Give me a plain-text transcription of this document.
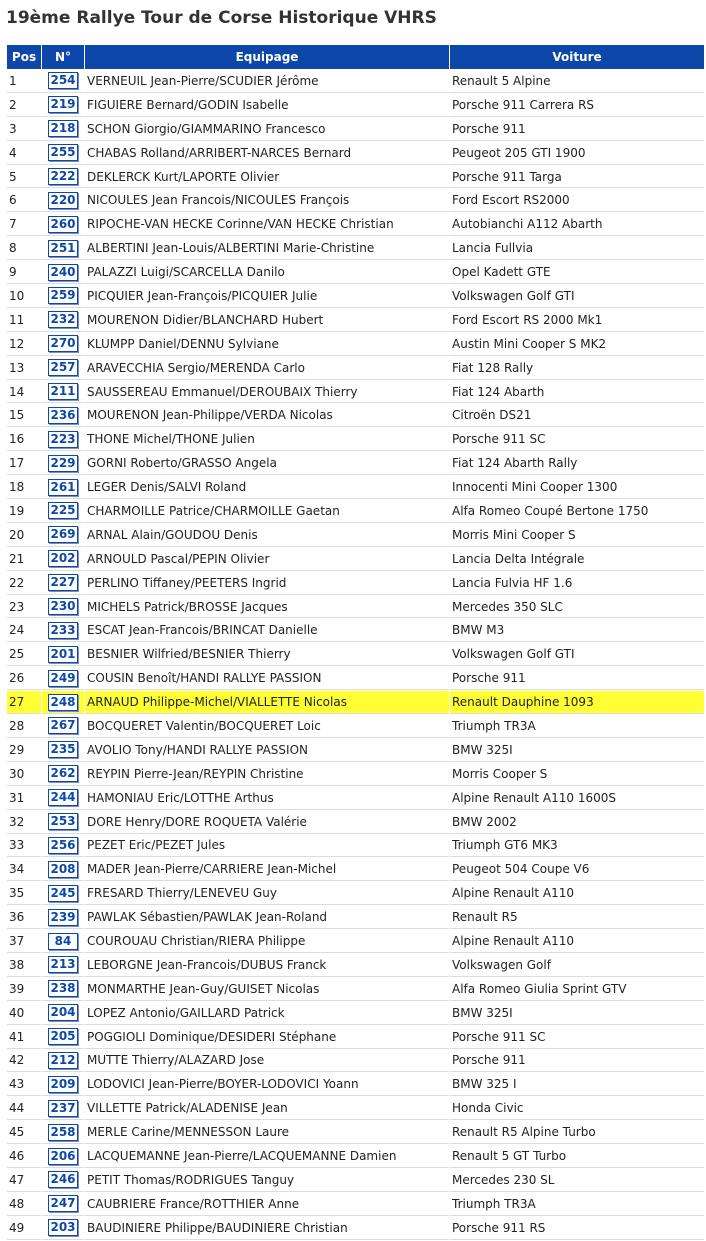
19ème Rallye Tour de Corse Historique VHRS
Pos	N°	Equipage	Voiture
1	254	VERNEUIL Jean-Pierre/SCUDIER Jérôme	Renault 5 Alpine
2	219	FIGUIERE Bernard/GODIN Isabelle	Porsche 911 Carrera RS
3	218	SCHON Giorgio/GIAMMARINO Francesco	Porsche 911
4	255	CHABAS Rolland/ARRIBERT-NARCES Bernard	Peugeot 205 GTI 1900
5	222	DEKLERCK Kurt/LAPORTE Olivier	Porsche 911 Targa
6	220	NICOULES Jean Francois/NICOULES François	Ford Escort RS2000
7	260	RIPOCHE-VAN HECKE Corinne/VAN HECKE Christian	Autobianchi A112 Abarth
8	251	ALBERTINI Jean-Louis/ALBERTINI Marie-Christine	Lancia Fullvia
9	240	PALAZZI Luigi/SCARCELLA Danilo	Opel Kadett GTE
10	259	PICQUIER Jean-François/PICQUIER Julie	Volkswagen Golf GTI
11	232	MOURENON Didier/BLANCHARD Hubert	Ford Escort RS 2000 Mk1
12	270	KLUMPP Daniel/DENNU Sylviane	Austin Mini Cooper S MK2
13	257	ARAVECCHIA Sergio/MERENDA Carlo	Fiat 128 Rally
14	211	SAUSSEREAU Emmanuel/DEROUBAIX Thierry	Fiat 124 Abarth
15	236	MOURENON Jean-Philippe/VERDA Nicolas	Citroën DS21
16	223	THONE Michel/THONE Julien	Porsche 911 SC
17	229	GORNI Roberto/GRASSO Angela	Fiat 124 Abarth Rally
18	261	LEGER Denis/SALVI Roland	Innocenti Mini Cooper 1300
19	225	CHARMOILLE Patrice/CHARMOILLE Gaetan	Alfa Romeo Coupé Bertone 1750
20	269	ARNAL Alain/GOUDOU Denis	Morris Mini Cooper S
21	202	ARNOULD Pascal/PEPIN Olivier	Lancia Delta Intégrale
22	227	PERLINO Tiffaney/PEETERS Ingrid	Lancia Fulvia HF 1.6
23	230	MICHELS Patrick/BROSSE Jacques	Mercedes 350 SLC
24	233	ESCAT Jean-Francois/BRINCAT Danielle	BMW M3
25	201	BESNIER Wilfried/BESNIER Thierry	Volkswagen Golf GTI
26	249	COUSIN Benoît/HANDI RALLYE PASSION	Porsche 911
27	248	ARNAUD Philippe-Michel/VIALLETTE Nicolas	Renault Dauphine 1093
28	267	BOCQUERET Valentin/BOCQUERET Loic	Triumph TR3A
29	235	AVOLIO Tony/HANDI RALLYE PASSION	BMW 325I
30	262	REYPIN Pierre-Jean/REYPIN Christine	Morris Cooper S
31	244	HAMONIAU Eric/LOTTHE Arthus	Alpine Renault A110 1600S
32	253	DORE Henry/DORE ROQUETA Valérie	BMW 2002
33	256	PEZET Eric/PEZET Jules	Triumph GT6 MK3
34	208	MADER Jean-Pierre/CARRIERE Jean-Michel	Peugeot 504 Coupe V6
35	245	FRESARD Thierry/LENEVEU Guy	Alpine Renault A110
36	239	PAWLAK Sébastien/PAWLAK Jean-Roland	Renault R5
37	84	COUROUAU Christian/RIERA Philippe	Alpine Renault A110
38	213	LEBORGNE Jean-Francois/DUBUS Franck	Volkswagen Golf
39	238	MONMARTHE Jean-Guy/GUISET Nicolas	Alfa Romeo Giulia Sprint GTV
40	204	LOPEZ Antonio/GAILLARD Patrick	BMW 325I
41	205	POGGIOLI Dominique/DESIDERI Stéphane	Porsche 911 SC
42	212	MUTTE Thierry/ALAZARD Jose	Porsche 911
43	209	LODOVICI Jean-Pierre/BOYER-LODOVICI Yoann	BMW 325 I
44	237	VILLETTE Patrick/ALADENISE Jean	Honda Civic
45	258	MERLE Carine/MENNESSON Laure	Renault R5 Alpine Turbo
46	206	LACQUEMANNE Jean-Pierre/LACQUEMANNE Damien	Renault 5 GT Turbo
47	246	PETIT Thomas/RODRIGUES Tanguy	Mercedes 230 SL
48	247	CAUBRIERE France/ROTTHIER Anne	Triumph TR3A
49	203	BAUDINIERE Philippe/BAUDINIERE Christian	Porsche 911 RS
